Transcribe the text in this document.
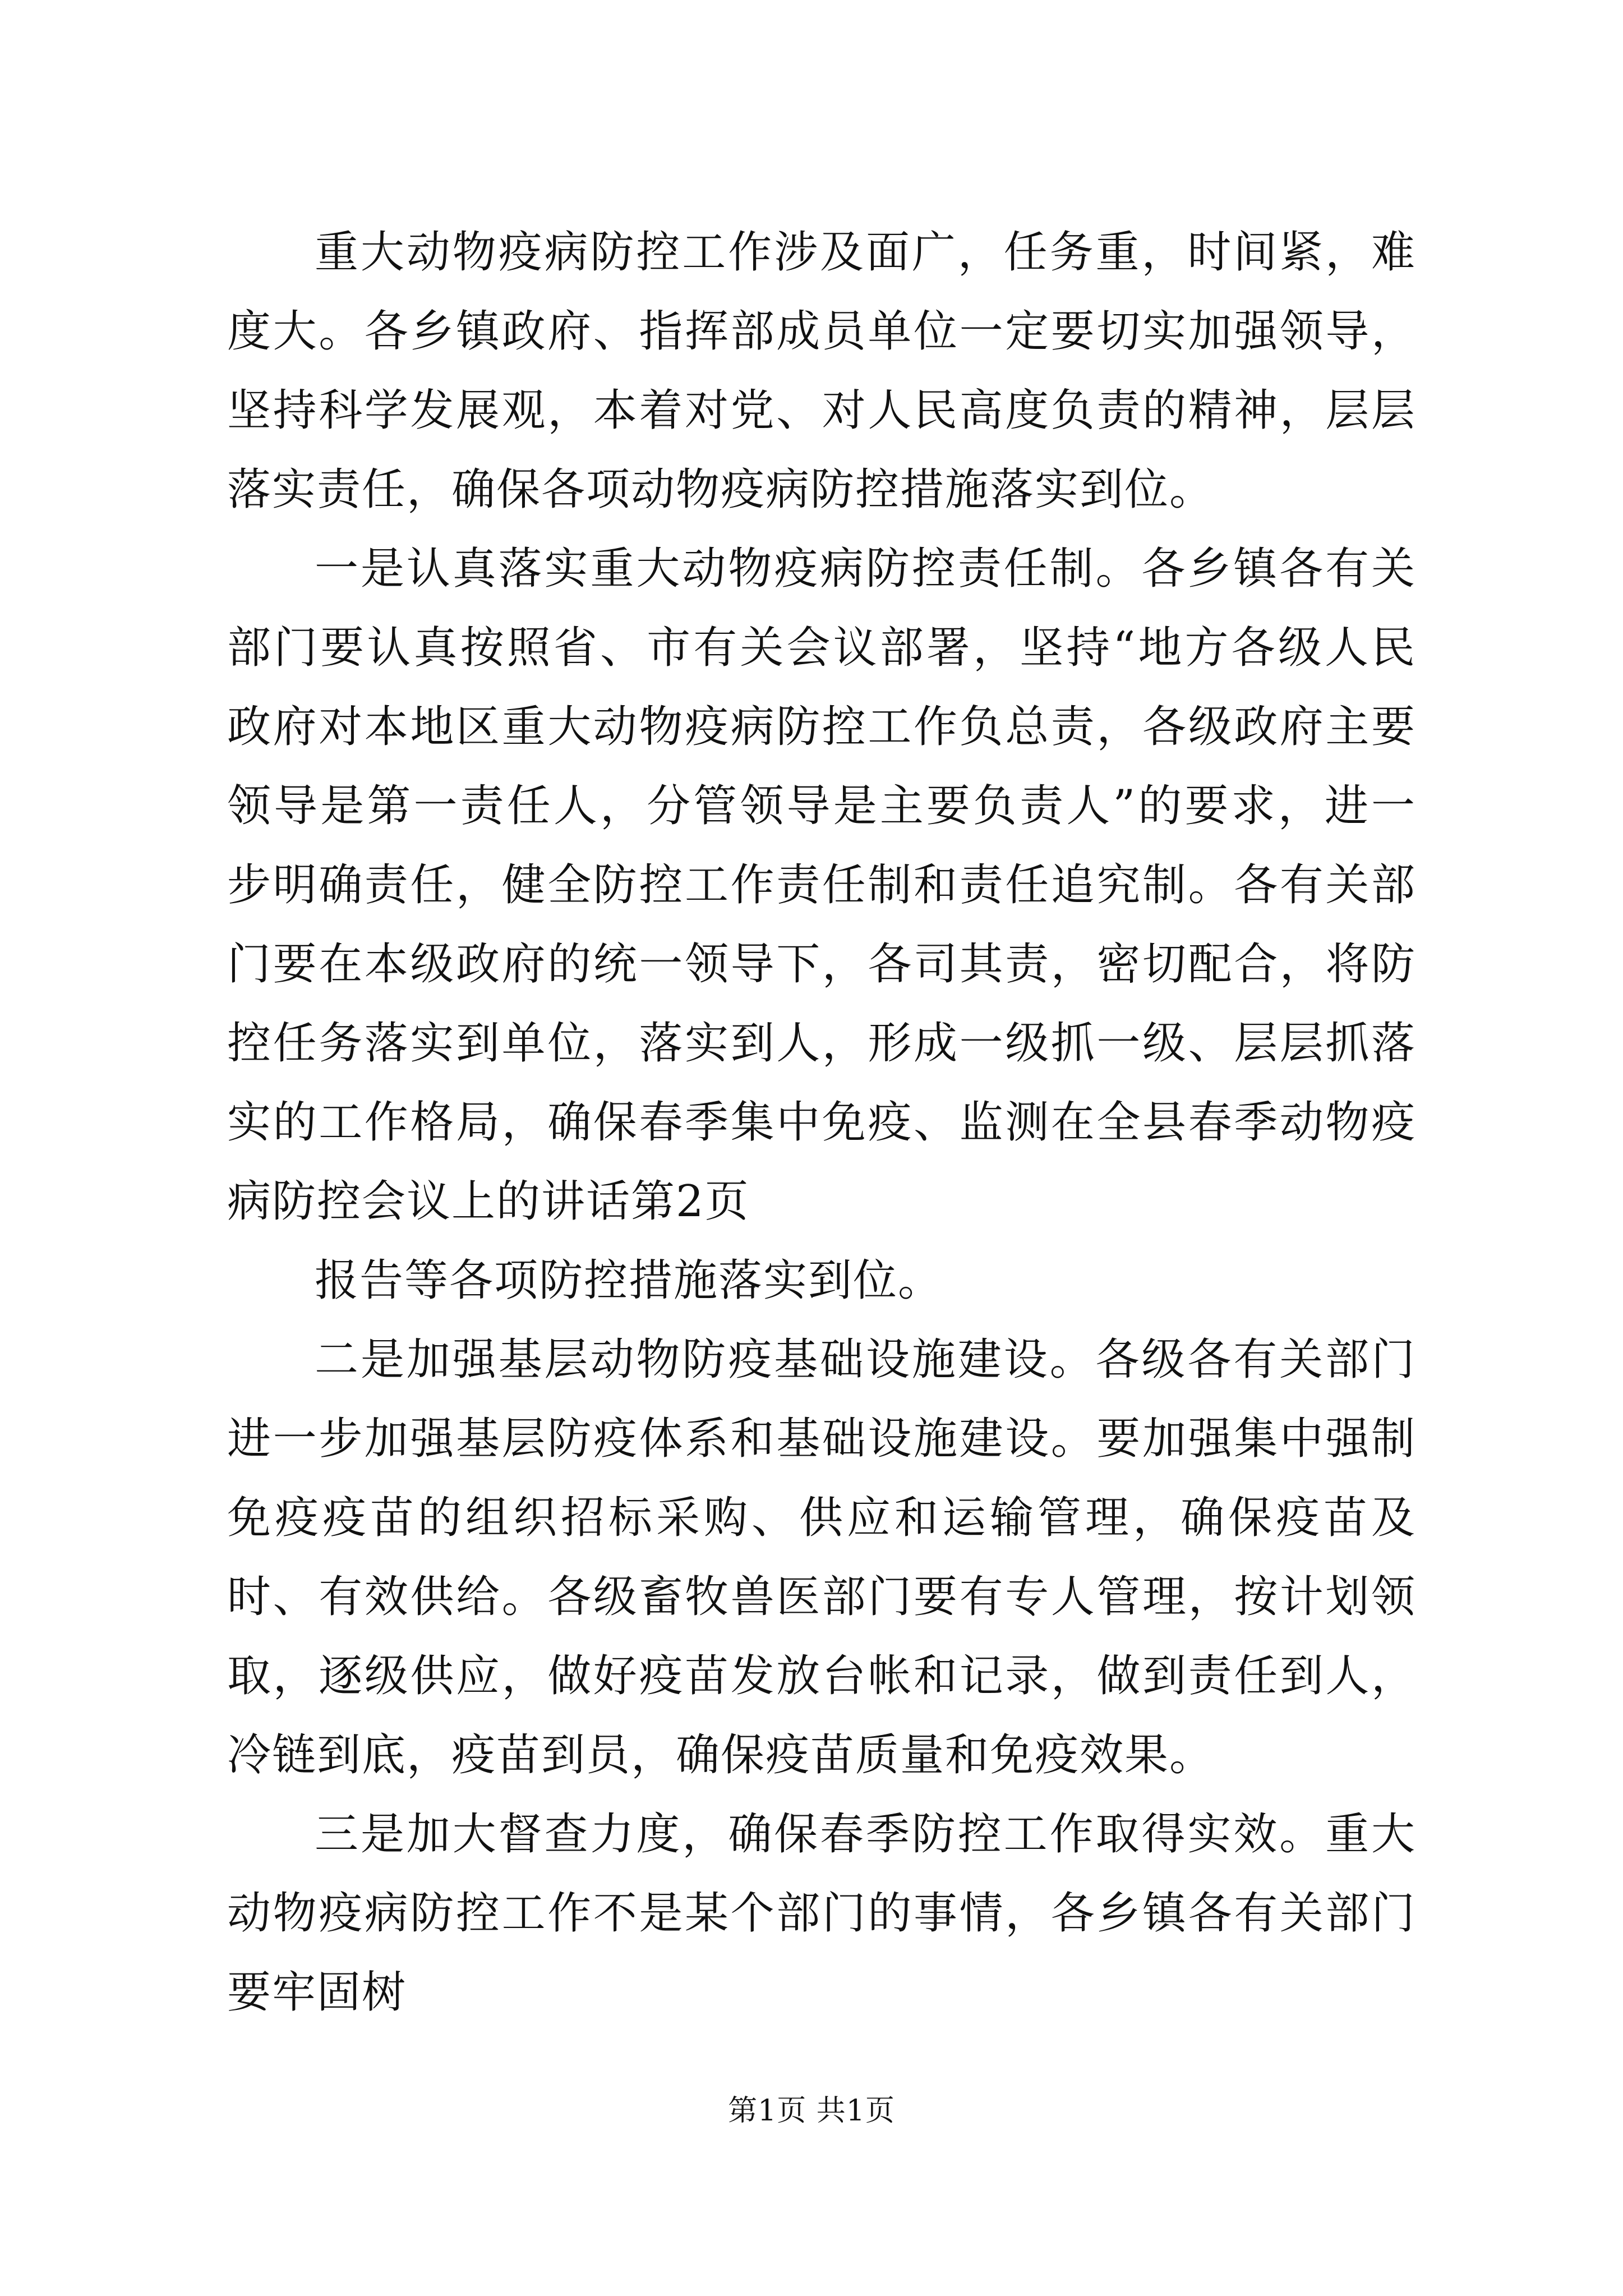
重大动物疫病防控工作涉及面广，任务重，时间紧，难度大。各乡镇政府、指挥部成员单位一定要切实加强领导，坚持科学发展观，本着对党、对人民高度负责的精神，层层落实责任，确保各项动物疫病防控措施落实到位。

一是认真落实重大动物疫病防控责任制。各乡镇各有关部门要认真按照省、市有关会议部署，坚持“地方各级人民政府对本地区重大动物疫病防控工作负总责，各级政府主要领导是第一责任人，分管领导是主要负责人”的要求，进一步明确责任，健全防控工作责任制和责任追究制。各有关部门要在本级政府的统一领导下，各司其责，密切配合，将防控任务落实到单位，落实到人，形成一级抓一级、层层抓落实的工作格局，确保春季集中免疫、监测在全县春季动物疫病防控会议上的讲话第2页

报告等各项防控措施落实到位。

二是加强基层动物防疫基础设施建设。各级各有关部门进一步加强基层防疫体系和基础设施建设。要加强集中强制免疫疫苗的组织招标采购、供应和运输管理，确保疫苗及时、有效供给。各级畜牧兽医部门要有专人管理，按计划领取，逐级供应，做好疫苗发放台帐和记录，做到责任到人，冷链到底，疫苗到员，确保疫苗质量和免疫效果。

三是加大督查力度，确保春季防控工作取得实效。重大动物疫病防控工作不是某个部门的事情，各乡镇各有关部门要牢固树

第1页 共1页
